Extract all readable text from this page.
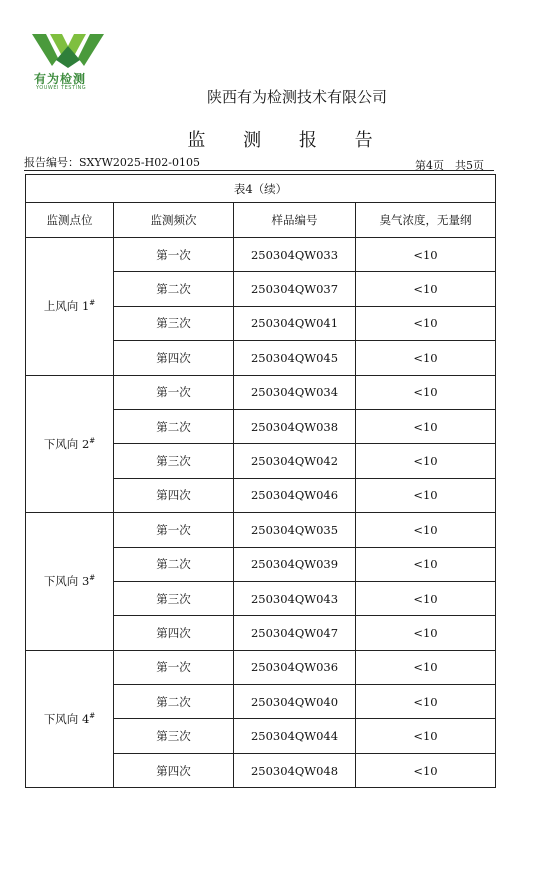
有为检测
YOUWEI TESTING	陕西有为检测技术有限公司
监 测 报 告
报告编号：SXYW2025-H02-0105	第4页　共5页
表4（续）			
监测点位	监测频次	样品编号	臭气浓度，无量纲
上风向 1#	第一次	250304QW033	<10
	第二次	250304QW037	<10
	第三次	250304QW041	<10
	第四次	250304QW045	<10
下风向 2#	第一次	250304QW034	<10
	第二次	250304QW038	<10
	第三次	250304QW042	<10
	第四次	250304QW046	<10
下风向 3#	第一次	250304QW035	<10
	第二次	250304QW039	<10
	第三次	250304QW043	<10
	第四次	250304QW047	<10
下风向 4#	第一次	250304QW036	<10
	第二次	250304QW040	<10
	第三次	250304QW044	<10
	第四次	250304QW048	<10
